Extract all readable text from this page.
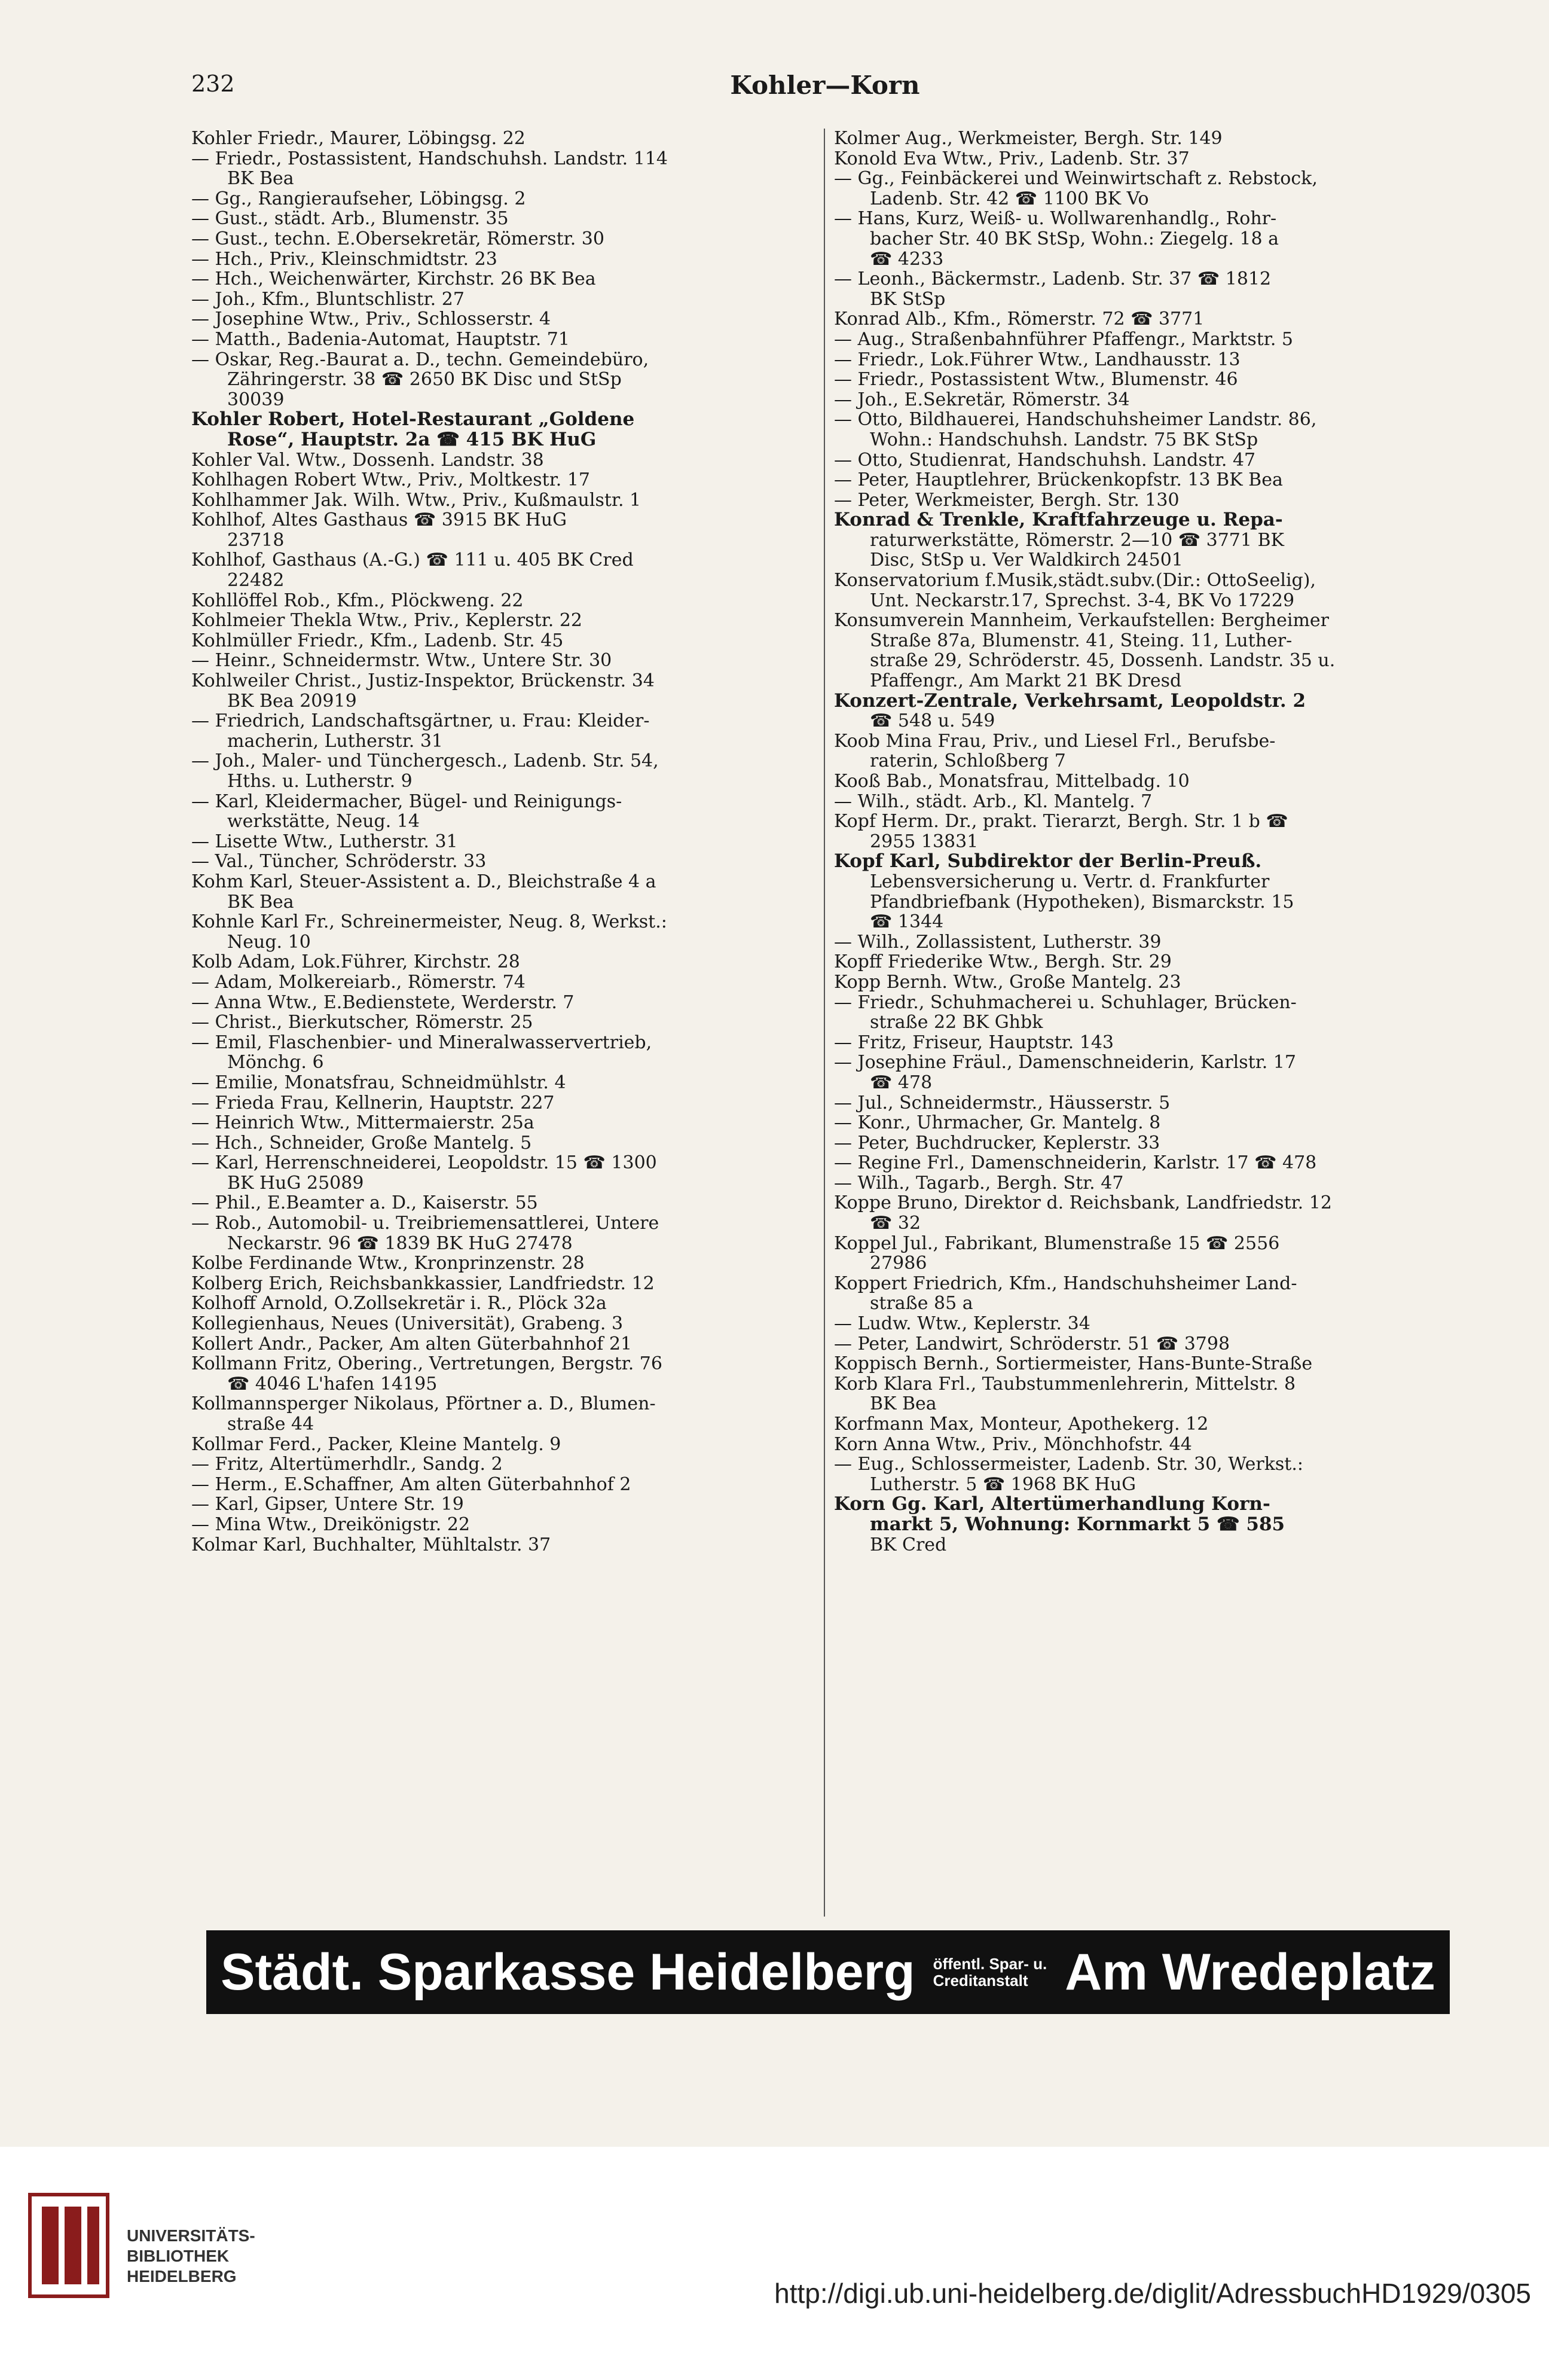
232	Kohler—Korn
Kohler Friedr., Maurer, Löbingsg. 22
— Friedr., Postassistent, Handschuhsh. Landstr. 114
BK Bea
— Gg., Rangieraufseher, Löbingsg. 2
— Gust., städt. Arb., Blumenstr. 35
— Gust., techn. E.Obersekretär, Römerstr. 30
— Hch., Priv., Kleinschmidtstr. 23
— Hch., Weichenwärter, Kirchstr. 26 BK Bea
— Joh., Kfm., Bluntschlistr. 27
— Josephine Wtw., Priv., Schlosserstr. 4
— Matth., Badenia-Automat, Hauptstr. 71
— Oskar, Reg.-Baurat a. D., techn. Gemeindebüro,
Zähringerstr. 38 ☎ 2650 BK Disc und StSp
30039
Kohler Robert, Hotel-Restaurant „Goldene
Rose“, Hauptstr. 2a ☎ 415 BK HuG
Kohler Val. Wtw., Dossenh. Landstr. 38
Kohlhagen Robert Wtw., Priv., Moltkestr. 17
Kohlhammer Jak. Wilh. Wtw., Priv., Kußmaulstr. 1
Kohlhof, Altes Gasthaus ☎ 3915 BK HuG
23718
Kohlhof, Gasthaus (A.-G.) ☎ 111 u. 405 BK Cred
22482
Kohllöffel Rob., Kfm., Plöckweng. 22
Kohlmeier Thekla Wtw., Priv., Keplerstr. 22
Kohlmüller Friedr., Kfm., Ladenb. Str. 45
— Heinr., Schneidermstr. Wtw., Untere Str. 30
Kohlweiler Christ., Justiz-Inspektor, Brückenstr. 34
BK Bea 20919
— Friedrich, Landschaftsgärtner, u. Frau: Kleider-
macherin, Lutherstr. 31
— Joh., Maler- und Tünchergesch., Ladenb. Str. 54,
Hths. u. Lutherstr. 9
— Karl, Kleidermacher, Bügel- und Reinigungs-
werkstätte, Neug. 14
— Lisette Wtw., Lutherstr. 31
— Val., Tüncher, Schröderstr. 33
Kohm Karl, Steuer-Assistent a. D., Bleichstraße 4 a
BK Bea
Kohnle Karl Fr., Schreinermeister, Neug. 8, Werkst.:
Neug. 10
Kolb Adam, Lok.Führer, Kirchstr. 28
— Adam, Molkereiarb., Römerstr. 74
— Anna Wtw., E.Bedienstete, Werderstr. 7
— Christ., Bierkutscher, Römerstr. 25
— Emil, Flaschenbier- und Mineralwasservertrieb,
Mönchg. 6
— Emilie, Monatsfrau, Schneidmühlstr. 4
— Frieda Frau, Kellnerin, Hauptstr. 227
— Heinrich Wtw., Mittermaierstr. 25a
— Hch., Schneider, Große Mantelg. 5
— Karl, Herrenschneiderei, Leopoldstr. 15 ☎ 1300
BK HuG 25089
— Phil., E.Beamter a. D., Kaiserstr. 55
— Rob., Automobil- u. Treibriemensattlerei, Untere
Neckarstr. 96 ☎ 1839 BK HuG 27478
Kolbe Ferdinande Wtw., Kronprinzenstr. 28
Kolberg Erich, Reichsbankkassier, Landfriedstr. 12
Kolhoff Arnold, O.Zollsekretär i. R., Plöck 32a
Kollegienhaus, Neues (Universität), Grabeng. 3
Kollert Andr., Packer, Am alten Güterbahnhof 21
Kollmann Fritz, Obering., Vertretungen, Bergstr. 76
☎ 4046 L'hafen 14195
Kollmannsperger Nikolaus, Pförtner a. D., Blumen-
straße 44
Kollmar Ferd., Packer, Kleine Mantelg. 9
— Fritz, Altertümerhdlr., Sandg. 2
— Herm., E.Schaffner, Am alten Güterbahnhof 2
— Karl, Gipser, Untere Str. 19
— Mina Wtw., Dreikönigstr. 22
Kolmar Karl, Buchhalter, Mühltalstr. 37
Kolmer Aug., Werkmeister, Bergh. Str. 149
Konold Eva Wtw., Priv., Ladenb. Str. 37
— Gg., Feinbäckerei und Weinwirtschaft z. Rebstock,
Ladenb. Str. 42 ☎ 1100 BK Vo
— Hans, Kurz, Weiß- u. Wollwarenhandlg., Rohr-
bacher Str. 40 BK StSp, Wohn.: Ziegelg. 18 a
☎ 4233
— Leonh., Bäckermstr., Ladenb. Str. 37 ☎ 1812
BK StSp
Konrad Alb., Kfm., Römerstr. 72 ☎ 3771
— Aug., Straßenbahnführer Pfaffengr., Marktstr. 5
— Friedr., Lok.Führer Wtw., Landhausstr. 13
— Friedr., Postassistent Wtw., Blumenstr. 46
— Joh., E.Sekretär, Römerstr. 34
— Otto, Bildhauerei, Handschuhsheimer Landstr. 86,
Wohn.: Handschuhsh. Landstr. 75 BK StSp
— Otto, Studienrat, Handschuhsh. Landstr. 47
— Peter, Hauptlehrer, Brückenkopfstr. 13 BK Bea
— Peter, Werkmeister, Bergh. Str. 130
Konrad & Trenkle, Kraftfahrzeuge u. Repa-
raturwerkstätte, Römerstr. 2—10 ☎ 3771 BK
Disc, StSp u. Ver Waldkirch 24501
Konservatorium f.Musik,städt.subv.(Dir.: OttoSeelig),
Unt. Neckarstr.17, Sprechst. 3-4, BK Vo 17229
Konsumverein Mannheim, Verkaufstellen: Bergheimer
Straße 87a, Blumenstr. 41, Steing. 11, Luther-
straße 29, Schröderstr. 45, Dossenh. Landstr. 35 u.
Pfaffengr., Am Markt 21 BK Dresd
Konzert-Zentrale, Verkehrsamt, Leopoldstr. 2
☎ 548 u. 549
Koob Mina Frau, Priv., und Liesel Frl., Berufsbe-
raterin, Schloßberg 7
Kooß Bab., Monatsfrau, Mittelbadg. 10
— Wilh., städt. Arb., Kl. Mantelg. 7
Kopf Herm. Dr., prakt. Tierarzt, Bergh. Str. 1 b ☎
2955 13831
Kopf Karl, Subdirektor der Berlin-Preuß.
Lebensversicherung u. Vertr. d. Frankfurter
Pfandbriefbank (Hypotheken), Bismarckstr. 15
☎ 1344
— Wilh., Zollassistent, Lutherstr. 39
Kopff Friederike Wtw., Bergh. Str. 29
Kopp Bernh. Wtw., Große Mantelg. 23
— Friedr., Schuhmacherei u. Schuhlager, Brücken-
straße 22 BK Ghbk
— Fritz, Friseur, Hauptstr. 143
— Josephine Fräul., Damenschneiderin, Karlstr. 17
☎ 478
— Jul., Schneidermstr., Häusserstr. 5
— Konr., Uhrmacher, Gr. Mantelg. 8
— Peter, Buchdrucker, Keplerstr. 33
— Regine Frl., Damenschneiderin, Karlstr. 17 ☎ 478
— Wilh., Tagarb., Bergh. Str. 47
Koppe Bruno, Direktor d. Reichsbank, Landfriedstr. 12
☎ 32
Koppel Jul., Fabrikant, Blumenstraße 15 ☎ 2556
27986
Koppert Friedrich, Kfm., Handschuhsheimer Land-
straße 85 a
— Ludw. Wtw., Keplerstr. 34
— Peter, Landwirt, Schröderstr. 51 ☎ 3798
Koppisch Bernh., Sortiermeister, Hans-Bunte-Straße
Korb Klara Frl., Taubstummenlehrerin, Mittelstr. 8
BK Bea
Korfmann Max, Monteur, Apothekerg. 12
Korn Anna Wtw., Priv., Mönchhofstr. 44
— Eug., Schlossermeister, Ladenb. Str. 30, Werkst.:
Lutherstr. 5 ☎ 1968 BK HuG
Korn Gg. Karl, Altertümerhandlung Korn-
markt 5, Wohnung: Kornmarkt 5 ☎ 585
BK Cred
Städt. Sparkasse Heidelberg öffentl. Spar- u.
Creditanstalt Am Wredeplatz
UNIVERSITÄTS-
BIBLIOTHEK
HEIDELBERG
http://digi.ub.uni-heidelberg.de/diglit/AdressbuchHD1929/0305
